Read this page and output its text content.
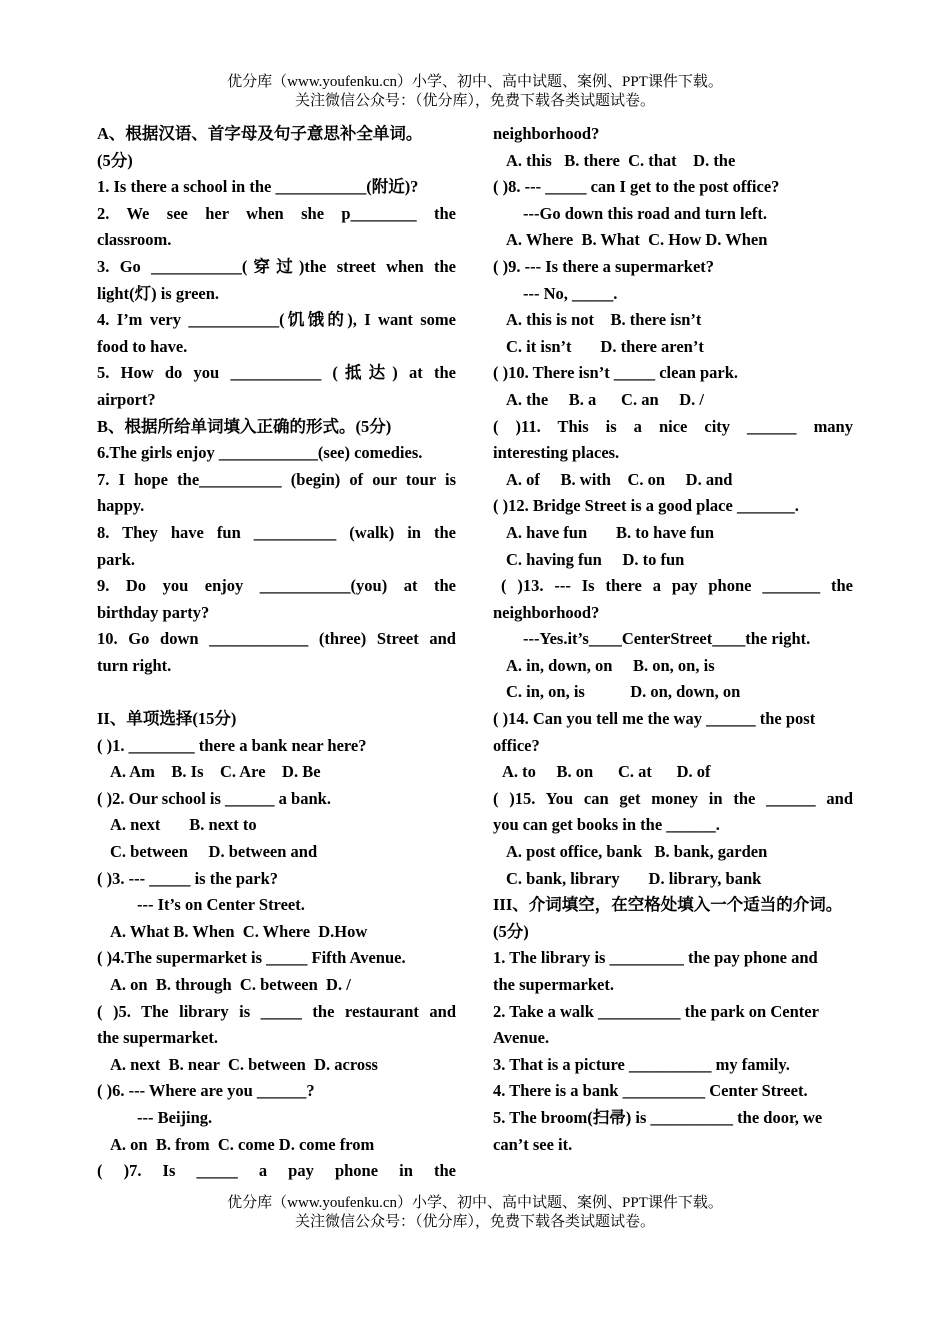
优分库（www.youfenku.cn）小学、初中、高中试题、案例、PPT课件下载。
关注微信公众号：（优分库），免费下载各类试题试卷。
A、根据汉语、首字母及句子意思补全单词。
(5分)
1. Is there a school in the ___________(附近)?
2. We see her when she p________ the
classroom.
3. Go ___________(穿过)the street when the
light(灯) is green.
4. I’m very ___________(饥饿的), I want some
food to have.
5. How do you ___________ (抵达) at the
airport?
B、根据所给单词填入正确的形式。(5分)
6.The girls enjoy ____________(see) comedies.
7. I hope the__________ (begin) of our tour is
happy.
8. They have fun __________ (walk) in the
park.
9. Do you enjoy ___________(you) at the
birthday party?
10. Go down ____________ (three) Street and
turn right.
II、单项选择(15分)
( )1. ________ there a bank near here?
A. Am    B. Is    C. Are    D. Be
( )2. Our school is ______ a bank.
A. next       B. next to
C. between     D. between and
( )3. --- _____ is the park?
--- It’s on Center Street.
A. What B. When  C. Where  D.How
( )4.The supermarket is _____ Fifth Avenue.
A. on  B. through  C. between  D. /
( )5. The library is _____ the restaurant and
the supermarket.
A. next  B. near  C. between  D. across
( )6. --- Where are you ______?
--- Beijing.
A. on  B. from  C. come D. come from
( )7. Is _____ a pay phone in the
neighborhood?
A. this   B. there  C. that    D. the
( )8. --- _____ can I get to the post office?
---Go down this road and turn left.
A. Where  B. What  C. How D. When
( )9. --- Is there a supermarket?
--- No, _____.
A. this is not    B. there isn’t
C. it isn’t       D. there aren’t
( )10. There isn’t _____ clean park.
A. the     B. a      C. an     D. /
( )11. This is a nice city ______ many
interesting places.
A. of     B. with    C. on     D. and
( )12. Bridge Street is a good place _______.
A. have fun       B. to have fun
C. having fun     D. to fun
( )13. --- Is there a pay phone _______ the
neighborhood?
---Yes.it’s____CenterStreet____the right.
A. in, down, on     B. on, on, is
C. in, on, is           D. on, down, on
( )14. Can you tell me the way ______ the post
office?
A. to     B. on      C. at      D. of
( )15. You can get money in the ______ and
you can get books in the ______.
A. post office, bank   B. bank, garden
C. bank, library       D. library, bank
III、介词填空，在空格处填入一个适当的介词。
(5分)
1. The library is _________ the pay phone and
the supermarket.
2. Take a walk __________ the park on Center
Avenue.
3. That is a picture __________ my family.
4. There is a bank __________ Center Street.
5. The broom(扫帚) is __________ the door, we
can’t see it.
优分库（www.youfenku.cn）小学、初中、高中试题、案例、PPT课件下载。
关注微信公众号：（优分库），免费下载各类试题试卷。
